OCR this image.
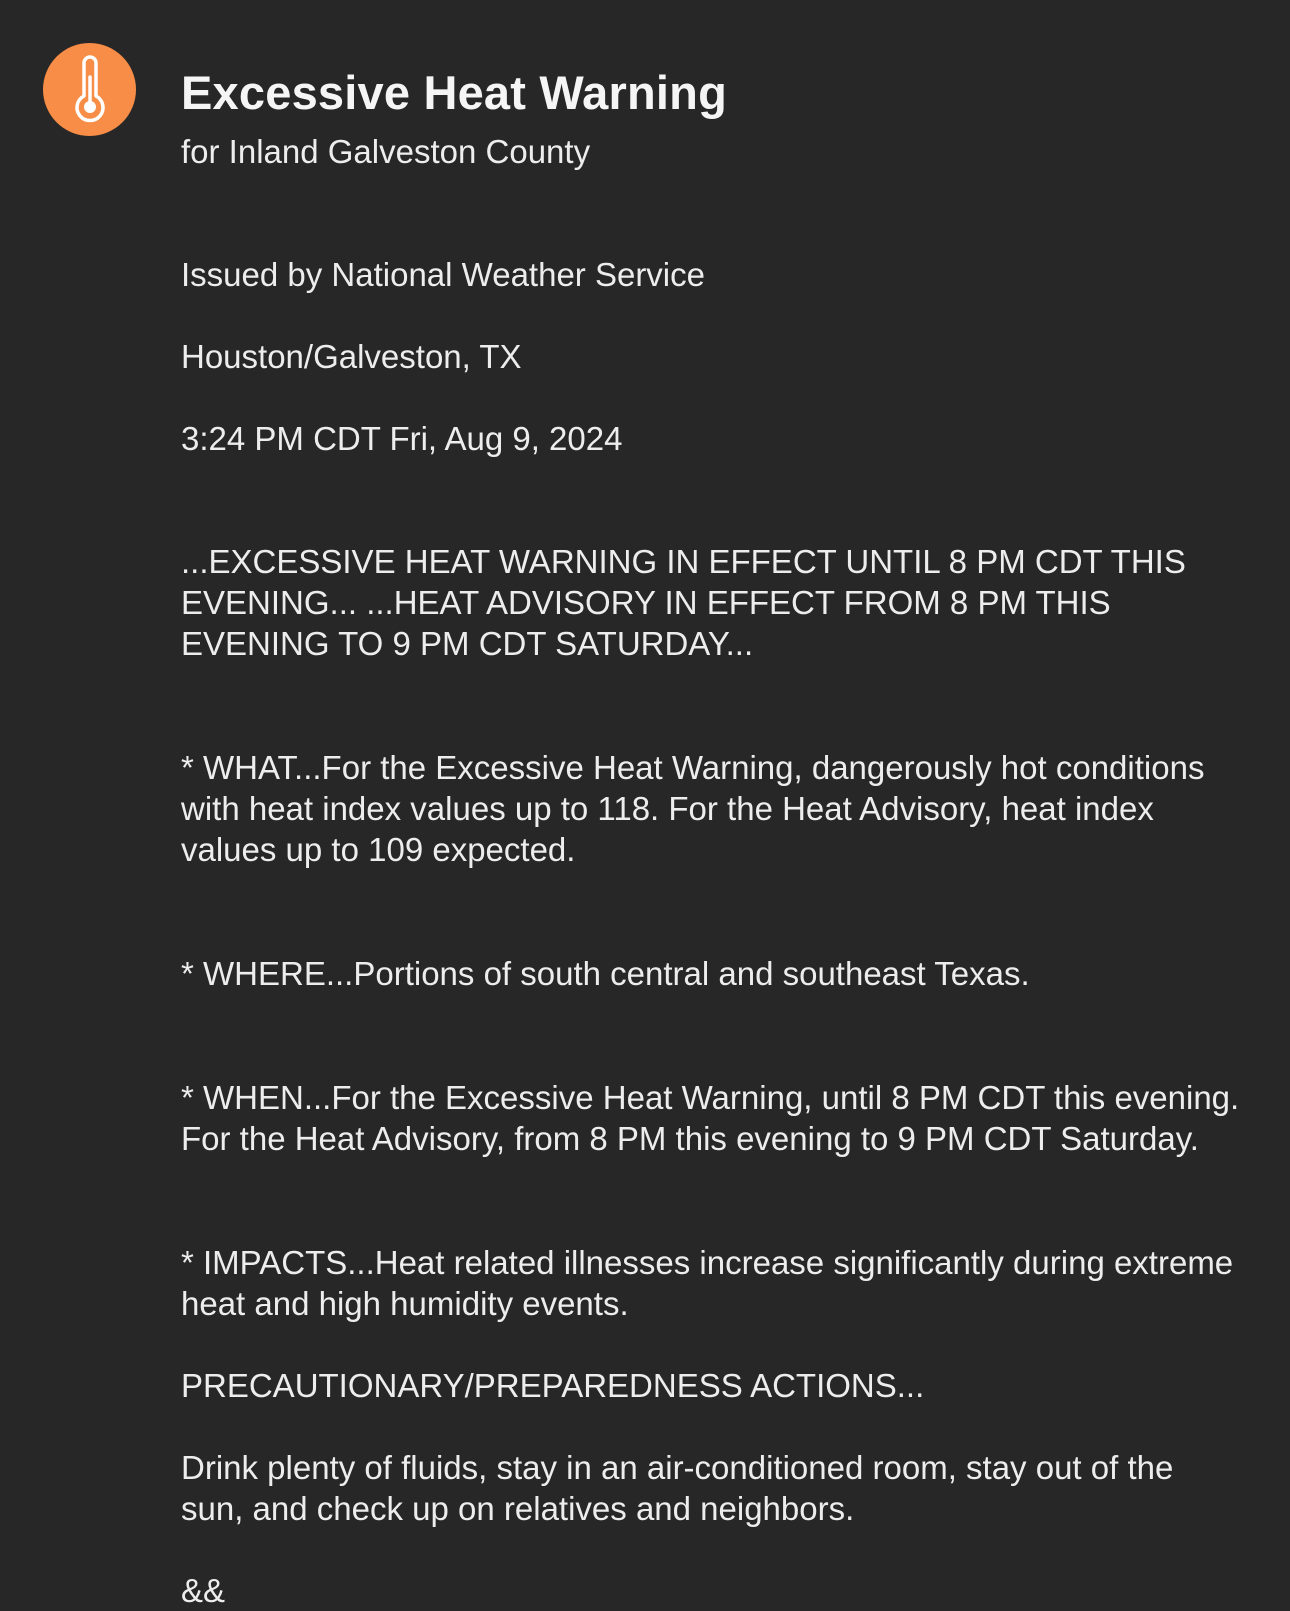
Excessive Heat Warning
for Inland Galveston County

Issued by National Weather Service

Houston/Galveston, TX

3:24 PM CDT Fri, Aug 9, 2024

...EXCESSIVE HEAT WARNING IN EFFECT UNTIL 8 PM CDT THIS EVENING... ...HEAT ADVISORY IN EFFECT FROM 8 PM THIS EVENING TO 9 PM CDT SATURDAY...
* WHAT...For the Excessive Heat Warning, dangerously hot conditions with heat index values up to 118. For the Heat Advisory, heat index values up to 109 expected.
* WHERE...Portions of south central and southeast Texas.
* WHEN...For the Excessive Heat Warning, until 8 PM CDT this evening. For the Heat Advisory, from 8 PM this evening to 9 PM CDT Saturday.
* IMPACTS...Heat related illnesses increase significantly during extreme heat and high humidity events.
PRECAUTIONARY/PREPAREDNESS ACTIONS...
Drink plenty of fluids, stay in an air-conditioned room, stay out of the sun, and check up on relatives and neighbors.
&&
